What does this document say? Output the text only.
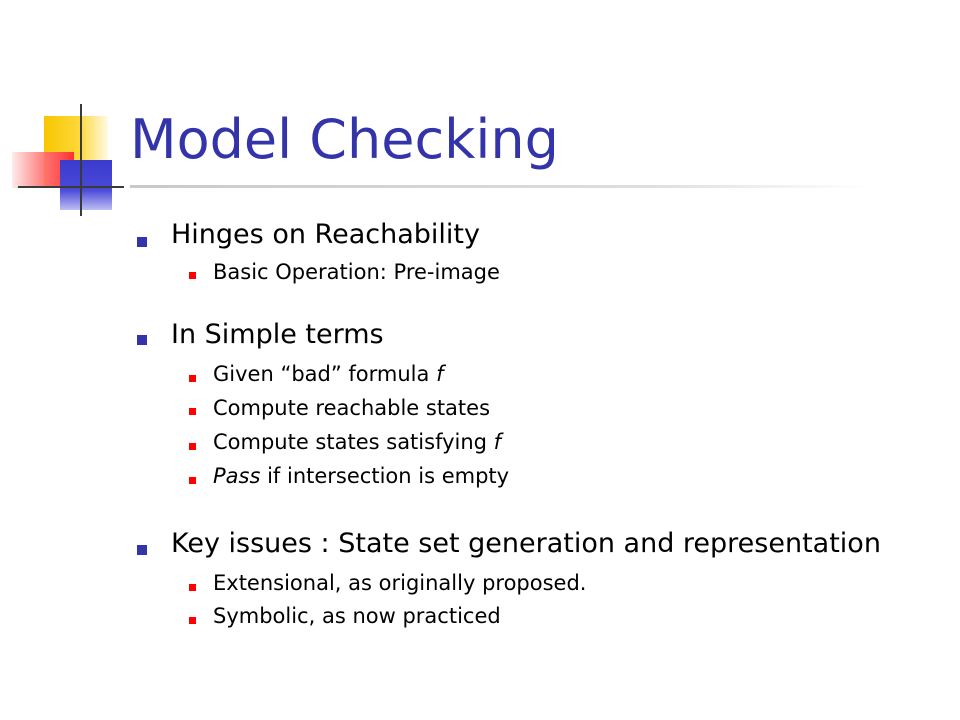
Model Checking
Hinges on Reachability
Basic Operation: Pre-image
In Simple terms
Given “bad” formula f
Compute reachable states
Compute states satisfying f
Pass if intersection is empty
Key issues : State set generation and representation
Extensional, as originally proposed.
Symbolic, as now practiced
